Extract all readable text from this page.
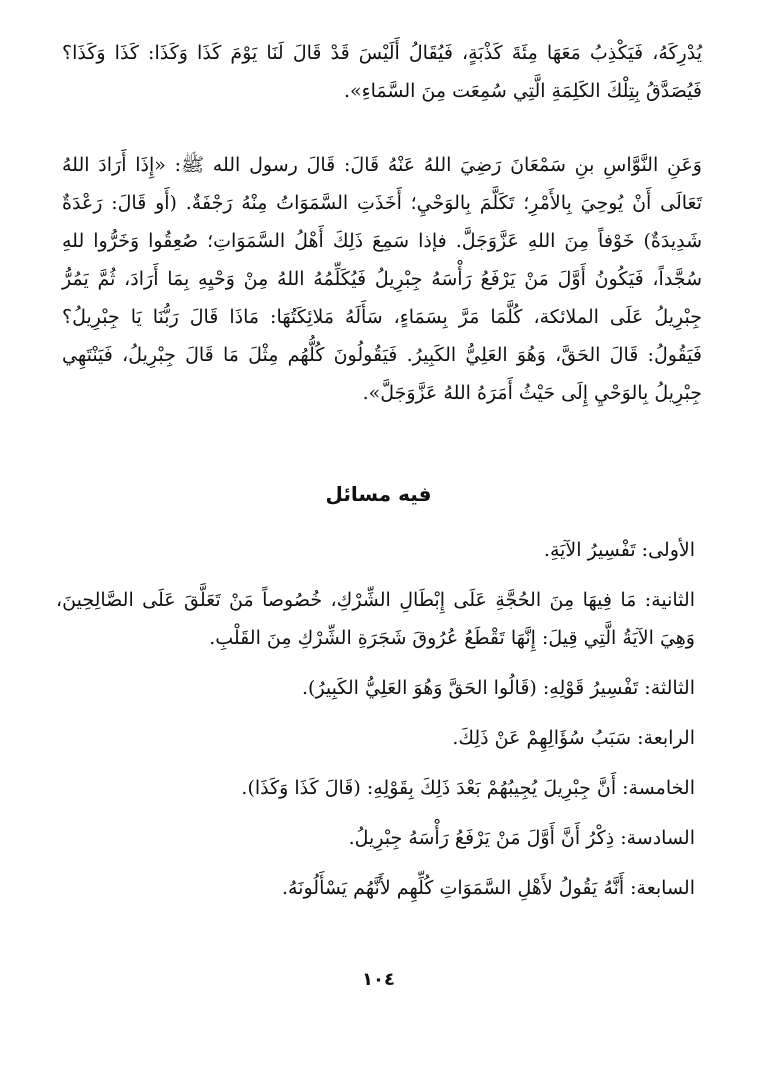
يُدْرِكَهُ، فَيَكْذِبُ مَعَهَا مِئَةَ كَذْبَةٍ، فَيُقَالُ أَلَيْسَ قَدْ قَالَ لَنَا يَوْمَ كَذَا وَكَذَا: كَذَا وَكَذَا؟ فَيُصَدَّقُ بِتِلْكَ الكَلِمَةِ الَّتِي سُمِعَت مِنَ السَّمَاءِ».

وَعَنِ النَّوَّاسِ بنِ سَمْعَانَ رَضِيَ اللهُ عَنْهُ قَالَ: قَالَ رسول الله ﷺ: «إِذَا أَرَادَ اللهُ تَعَالَى أَنْ يُوحِيَ بِالأَمْرِ؛ تَكَلَّمَ بِالوَحْيِ؛ أَخَذَتِ السَّمَوَاتُ مِنْهُ رَجْفَةٌ. (أَو قَالَ: رَعْدَةٌ شَدِيدَةٌ) خَوْفاً مِنَ اللهِ عَزَّوَجَلَّ. فإذا سَمِعَ ذَلِكَ أَهْلُ السَّمَوَاتِ؛ صُعِقُوا وَخَرُّوا للهِ سُجَّداً، فَيَكُونُ أَوَّلَ مَنْ يَرْفَعُ رَأْسَهُ جِبْرِيلُ فَيُكَلِّمُهُ اللهُ مِنْ وَحْيِهِ بِمَا أَرَادَ، ثُمَّ يَمُرُّ جِبْرِيلُ عَلَى الملائكة، كُلَّمَا مَرَّ بِسَمَاءٍ، سَأَلَهُ مَلائِكَتُهَا: مَاذَا قَالَ رَبُّنَا يَا جِبْرِيلُ؟ فَيَقُولُ: قَالَ الحَقَّ، وَهُوَ العَلِيُّ الكَبِيرُ. فَيَقُولُونَ كُلُّهُم مِثْلَ مَا قَالَ جِبْرِيلُ، فَيَنْتَهِي جِبْرِيلُ بِالوَحْيِ إِلَى حَيْثُ أَمَرَهُ اللهُ عَزَّوَجَلَّ».

فيه مسائل
الأولى: تَفْسِيرُ الآيَةِ.
الثانية: مَا فِيهَا مِنَ الحُجَّةِ عَلَى إِبْطَالِ الشِّرْكِ، خُصُوصاً مَنْ تَعَلَّقَ عَلَى الصَّالِحِينَ، وَهِيَ الآيَةُ الَّتِي قِيلَ: إِنَّهَا تَقْطَعُ عُرُوقَ شَجَرَةِ الشِّرْكِ مِنَ القَلْبِ.
الثالثة: تَفْسِيرُ قَوْلِهِ: (قَالُوا الحَقَّ وَهُوَ العَلِيُّ الكَبِيرُ).
الرابعة: سَبَبُ سُؤَالِهِمْ عَنْ ذَلِكَ.
الخامسة: أَنَّ جِبْرِيلَ يُجِيبُهُمْ بَعْدَ ذَلِكَ بِقَوْلِهِ: (قَالَ كَذَا وَكَذَا).
السادسة: ذِكْرُ أَنَّ أَوَّلَ مَنْ يَرْفَعُ رَأْسَهُ جِبْرِيلُ.
السابعة: أَنَّهُ يَقُولُ لأَهْلِ السَّمَوَاتِ كُلِّهِم لأَنَّهُم يَسْأَلُونَهُ.
١٠٤
